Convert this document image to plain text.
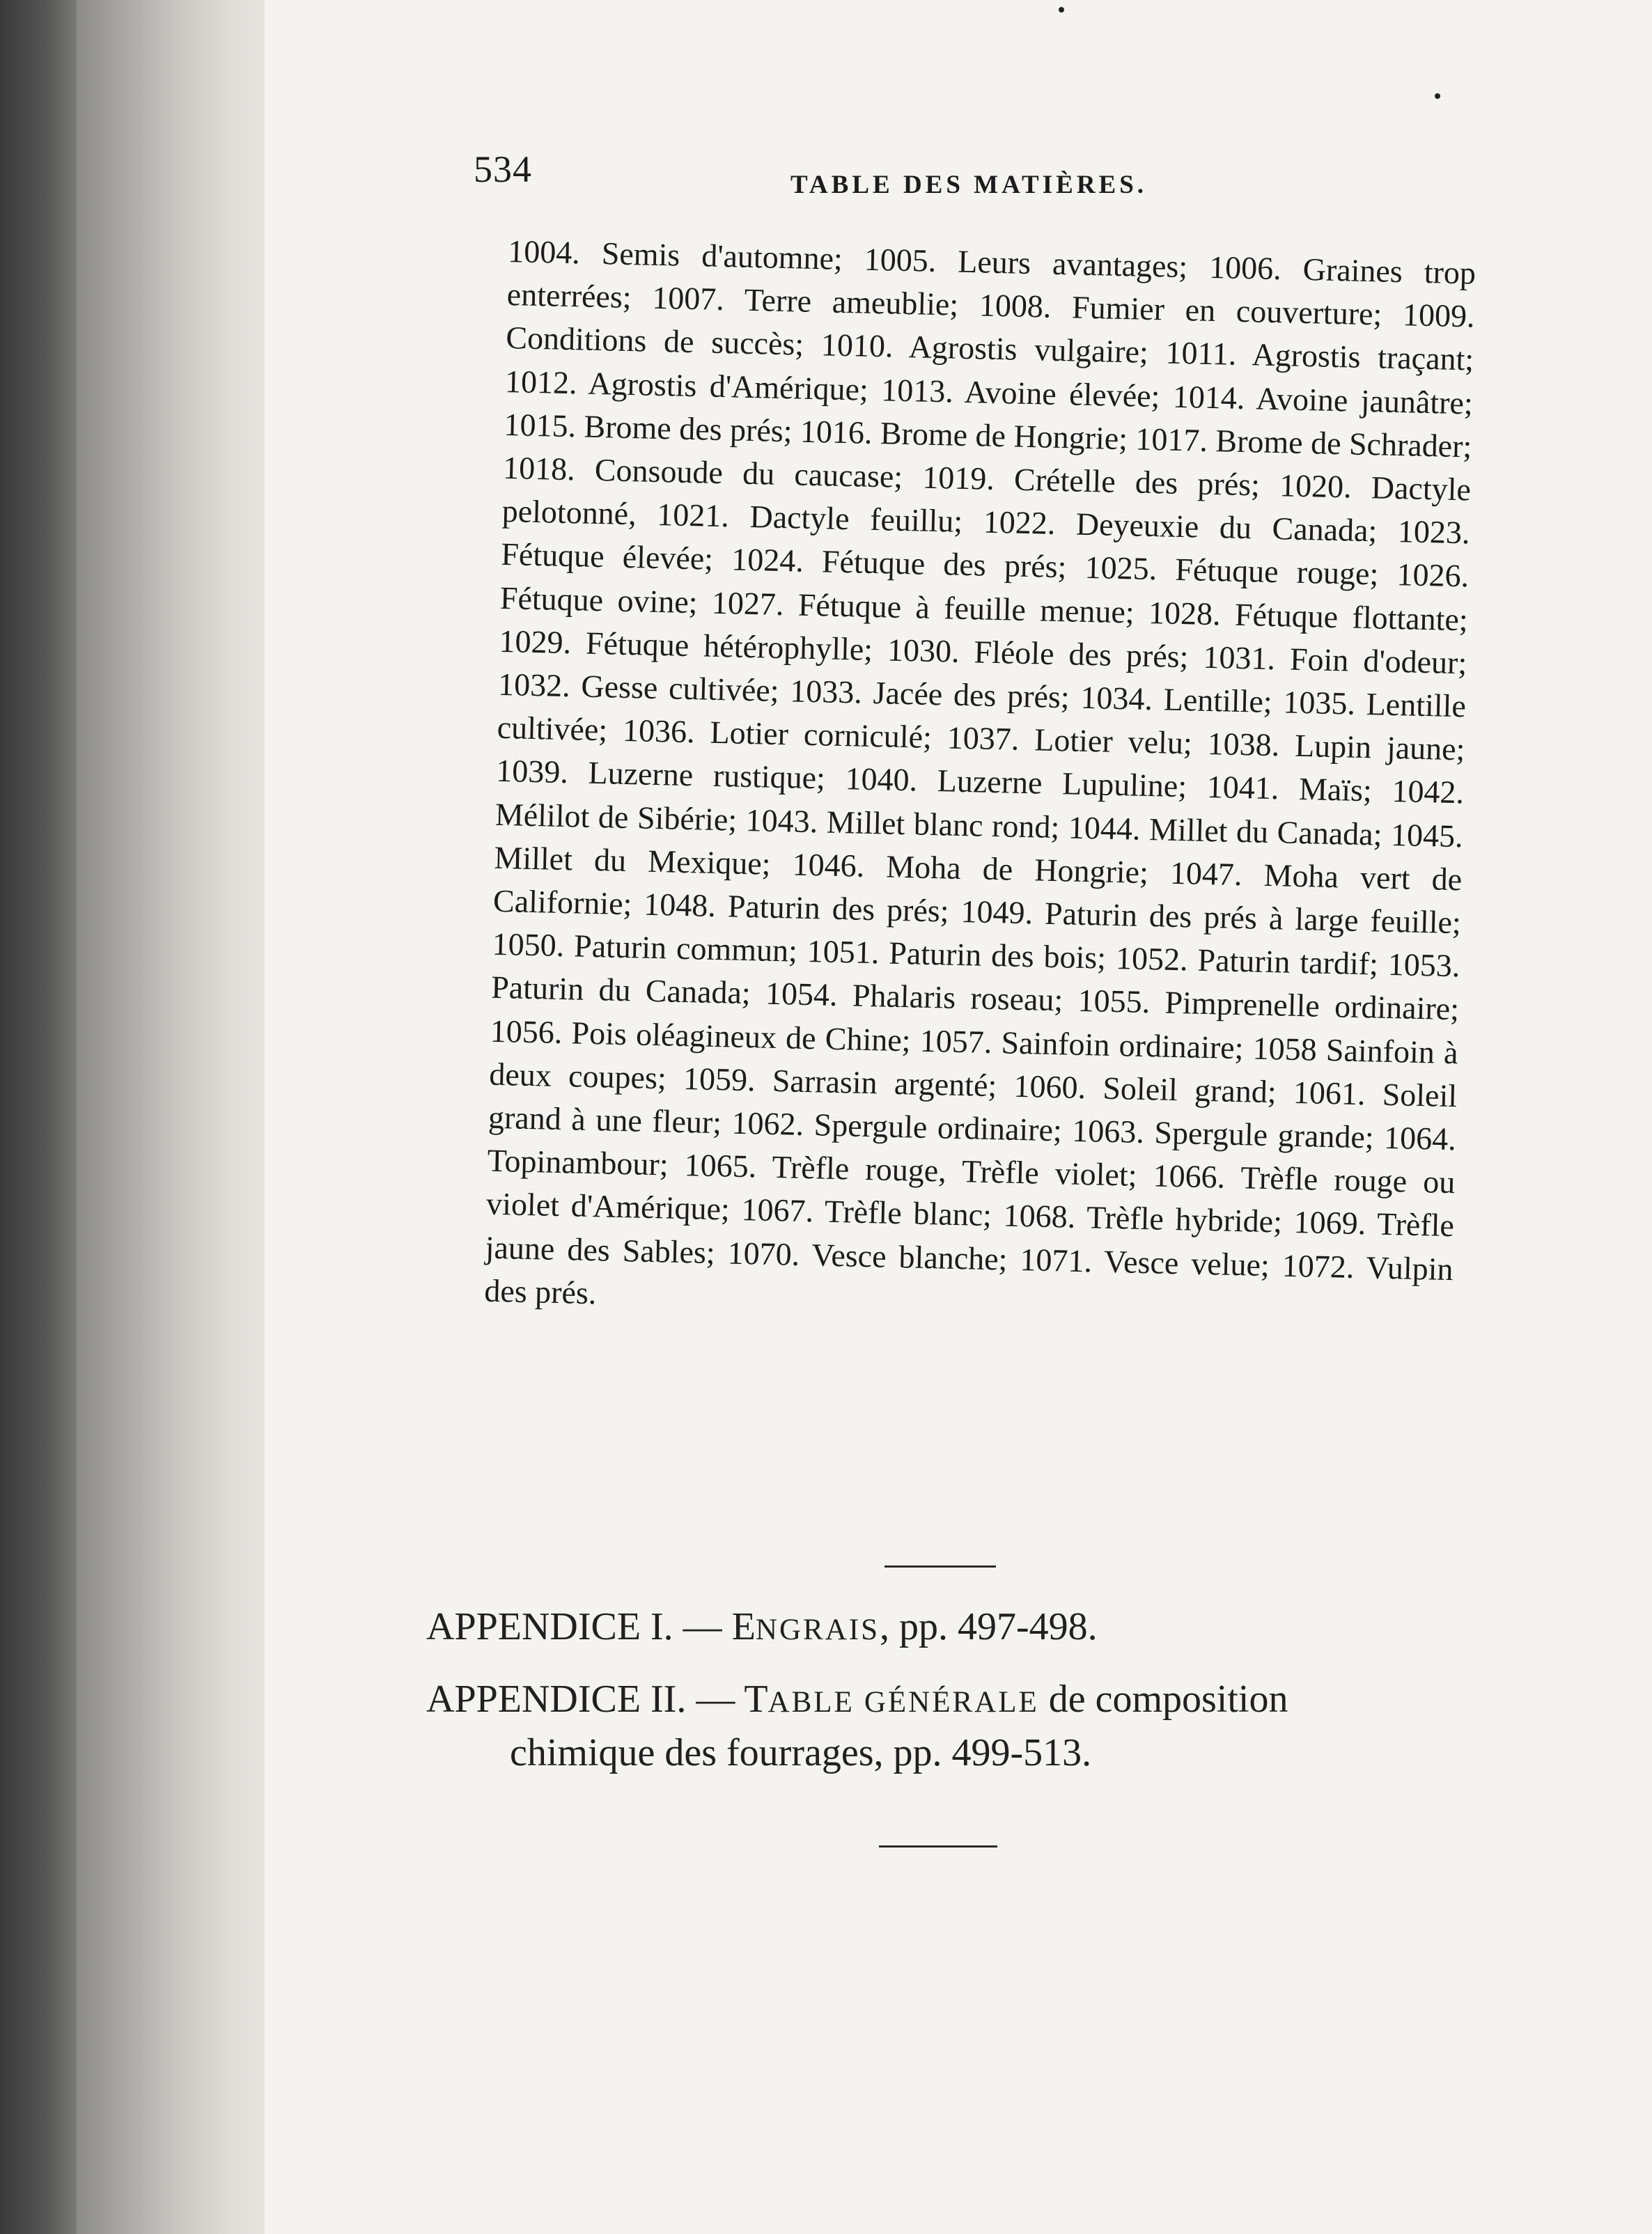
534	TABLE DES MATIÈRES.

1004. Semis d'automne; 1005. Leurs avantages; 1006. Graines trop enterrées; 1007. Terre ameublie; 1008. Fumier en couverture; 1009. Conditions de succès; 1010. Agrostis vulgaire; 1011. Agrostis traçant; 1012. Agrostis d'Amérique; 1013. Avoine élevée; 1014. Avoine jaunâtre; 1015. Brome des prés; 1016. Brome de Hongrie; 1017. Brome de Schrader; 1018. Consoude du caucase; 1019. Crételle des prés; 1020. Dactyle pelotonné, 1021. Dactyle feuillu; 1022. Deyeuxie du Canada; 1023. Fétuque élevée; 1024. Fétuque des prés; 1025. Fétuque rouge; 1026. Fétuque ovine; 1027. Fétuque à feuille menue; 1028. Fétuque flottante; 1029. Fétuque hétérophylle; 1030. Fléole des prés; 1031. Foin d'odeur; 1032. Gesse cultivée; 1033. Jacée des prés; 1034. Lentille; 1035. Lentille cultivée; 1036. Lotier corniculé; 1037. Lotier velu; 1038. Lupin jaune; 1039. Luzerne rustique; 1040. Luzerne Lupuline; 1041. Maïs; 1042. Mélilot de Sibérie; 1043. Millet blanc rond; 1044. Millet du Canada; 1045. Millet du Mexique; 1046. Moha de Hongrie; 1047. Moha vert de Californie; 1048. Paturin des prés; 1049. Paturin des prés à large feuille; 1050. Paturin commun; 1051. Paturin des bois; 1052. Paturin tardif; 1053. Paturin du Canada; 1054. Phalaris roseau; 1055. Pimprenelle ordinaire; 1056. Pois oléagineux de Chine; 1057. Sainfoin ordinaire; 1058 Sainfoin à deux coupes; 1059. Sarrasin argenté; 1060. Soleil grand; 1061. Soleil grand à une fleur; 1062. Spergule ordinaire; 1063. Spergule grande; 1064. Topinambour; 1065. Trèfle rouge, Trèfle violet; 1066. Trèfle rouge ou violet d'Amérique; 1067. Trèfle blanc; 1068. Trèfle hybride; 1069. Trèfle jaune des Sables; 1070. Vesce blanche; 1071. Vesce velue; 1072. Vulpin des prés.

APPENDICE I. — ENGRAIS, pp. 497-498.
APPENDICE II. — TABLE GÉNÉRALE de composition
chimique des fourrages, pp. 499-513.
